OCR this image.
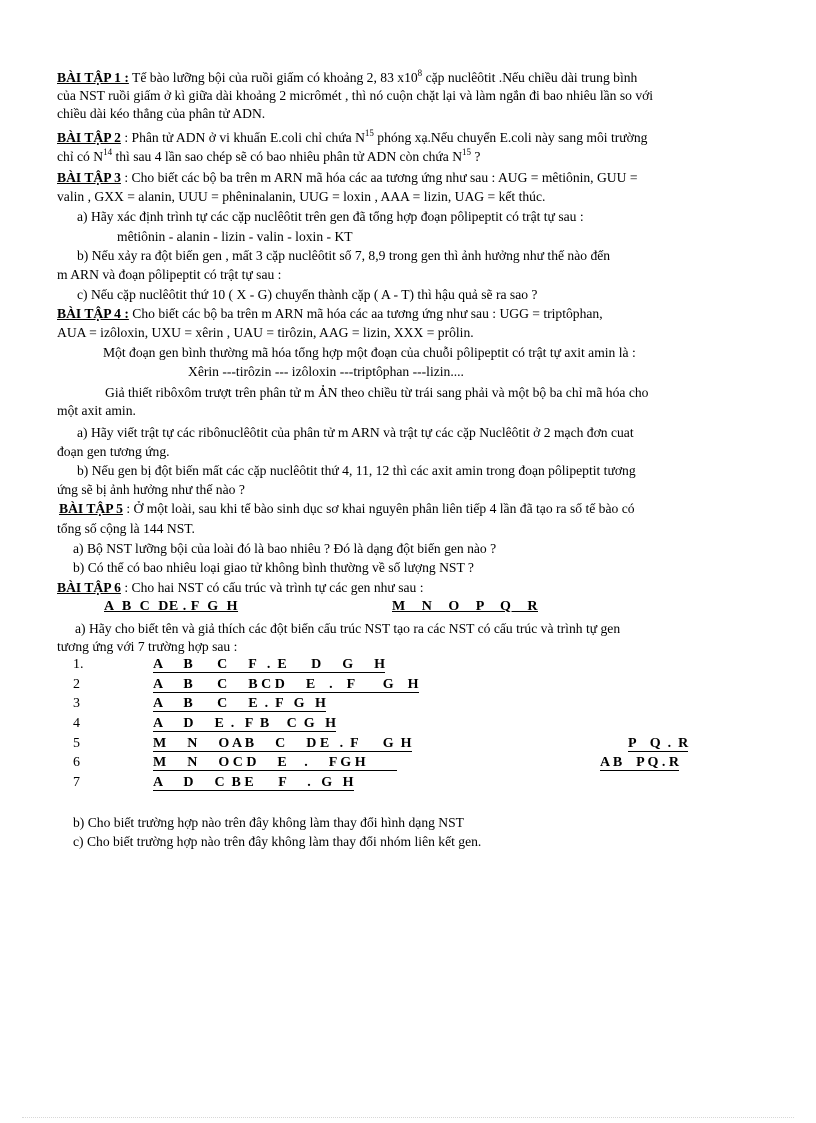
BÀI TẬP 1 : Tế bào lưỡng bội của ruồi giấm có khoảng 2, 83 $x10^8$ cặp nuclêôtit .Nếu chiều dài trung bình
của NST ruồi giấm ở kì giữa dài khoảng 2 micrômét , thì nó cuộn chặt lại và làm ngắn đi bao nhiêu lần so với
chiều dài kéo thẳng của phân tử ADN.
BÀI TẬP 2 : Phân tử ADN ở vi khuẩn E.coli chỉ chứa $N^{15}$ phóng xạ.Nếu chuyển E.coli này sang môi trường
chỉ có $N^{14}$ thì sau 4 lần sao chép sẽ có bao nhiêu phân tử ADN còn chứa $N^{15}$ ?
BÀI TẬP 3 : Cho biết các bộ ba trên m ARN mã hóa các aa tương ứng như sau : AUG = mêtiônin, GUU =
valin , GXX = alanin, UUU = phêninalanin, UUG = loxin , AAA = lizin, UAG = kết thúc.
a) Hãy xác định trình tự các cặp nuclêôtit trên gen đã tổng hợp đoạn pôlipeptit có trật tự sau :
mêtiônin - alanin - lizin - valin - loxin - KT
b) Nếu xảy ra đột biến gen , mất 3 cặp nuclêôtit số 7, 8,9 trong gen thì ảnh hưởng như thế nào đến
m ARN và đoạn pôlipeptit có trật tự sau :
c) Nếu cặp nuclêôtit thứ 10 ( X - G) chuyển thành cặp ( A - T) thì hậu quả sẽ ra sao ?
BÀI TẬP 4 : Cho biết các bộ ba trên m ARN mã hóa các aa tương ứng như sau : UGG = triptôphan,
AUA = izôloxin, UXU = xêrin , UAU = tirôzin, AAG = lizin, XXX = prôlin.
Một đoạn gen bình thường mã hóa tổng hợp một đoạn của chuỗi pôlipeptit có trật tự axit amin là :
Xêrin ---tirôzin --- izôloxin ---triptôphan ---lizin....
Giả thiết ribôxôm trượt trên phân tử m ẢN theo chiều từ trái sang phải và một bộ ba chỉ mã hóa cho
một axit amin.
a) Hãy viết trật tự các ribônuclêôtit của phân tử m ARN và trật tự các cặp Nuclêôtit ở 2 mạch đơn cuat
đoạn gen tương ứng.
b) Nếu gen bị đột biến mất các cặp nuclêôtit thứ 4, 11, 12 thì các axit amin trong đoạn pôlipeptit tương
ứng sẽ bị ảnh hưởng như thế nào ?
BÀI TẬP 5 : Ở một loài, sau khi tế bào sinh dục sơ khai nguyên phân liên tiếp 4 lần đã tạo ra số tế bào có
tổng số cộng là 144 NST.
a) Bộ NST lưỡng bội của loài đó là bao nhiêu ? Đó là dạng đột biến gen nào ?
b) Có thể có bao nhiêu loại giao tử không bình thường về số lượng NST ?
BÀI TẬP 6 : Cho hai NST có cấu trúc và trình tự các gen như sau :
A  B  C  DE . F  G  H	M    N    O    P    Q    R
a) Hãy cho biết tên và giả thích các đột biến cấu trúc NST tạo ra các NST có cấu trúc và trình tự gen
tương ứng với 7 trường hợp sau :
1.	A      B       C      F   .  E       D      G      H
2	A      B       C      B C D      E    .    F        G    H
3	A      B       C      E  .  F   G   H
4	A      D      E  .   F  B     C  G   H
5	M      N      O A B      C      D E   .  F       G  H	P    Q  .  R
6	M      N      O C D      E     .      F G H	A B    P Q . R
7	A      D      C  B E       F      .   G   H
b) Cho biết trường hợp nào trên đây không làm thay đổi hình dạng NST
c) Cho biết trường hợp nào trên đây không làm thay đổi nhóm liên kết gen.
